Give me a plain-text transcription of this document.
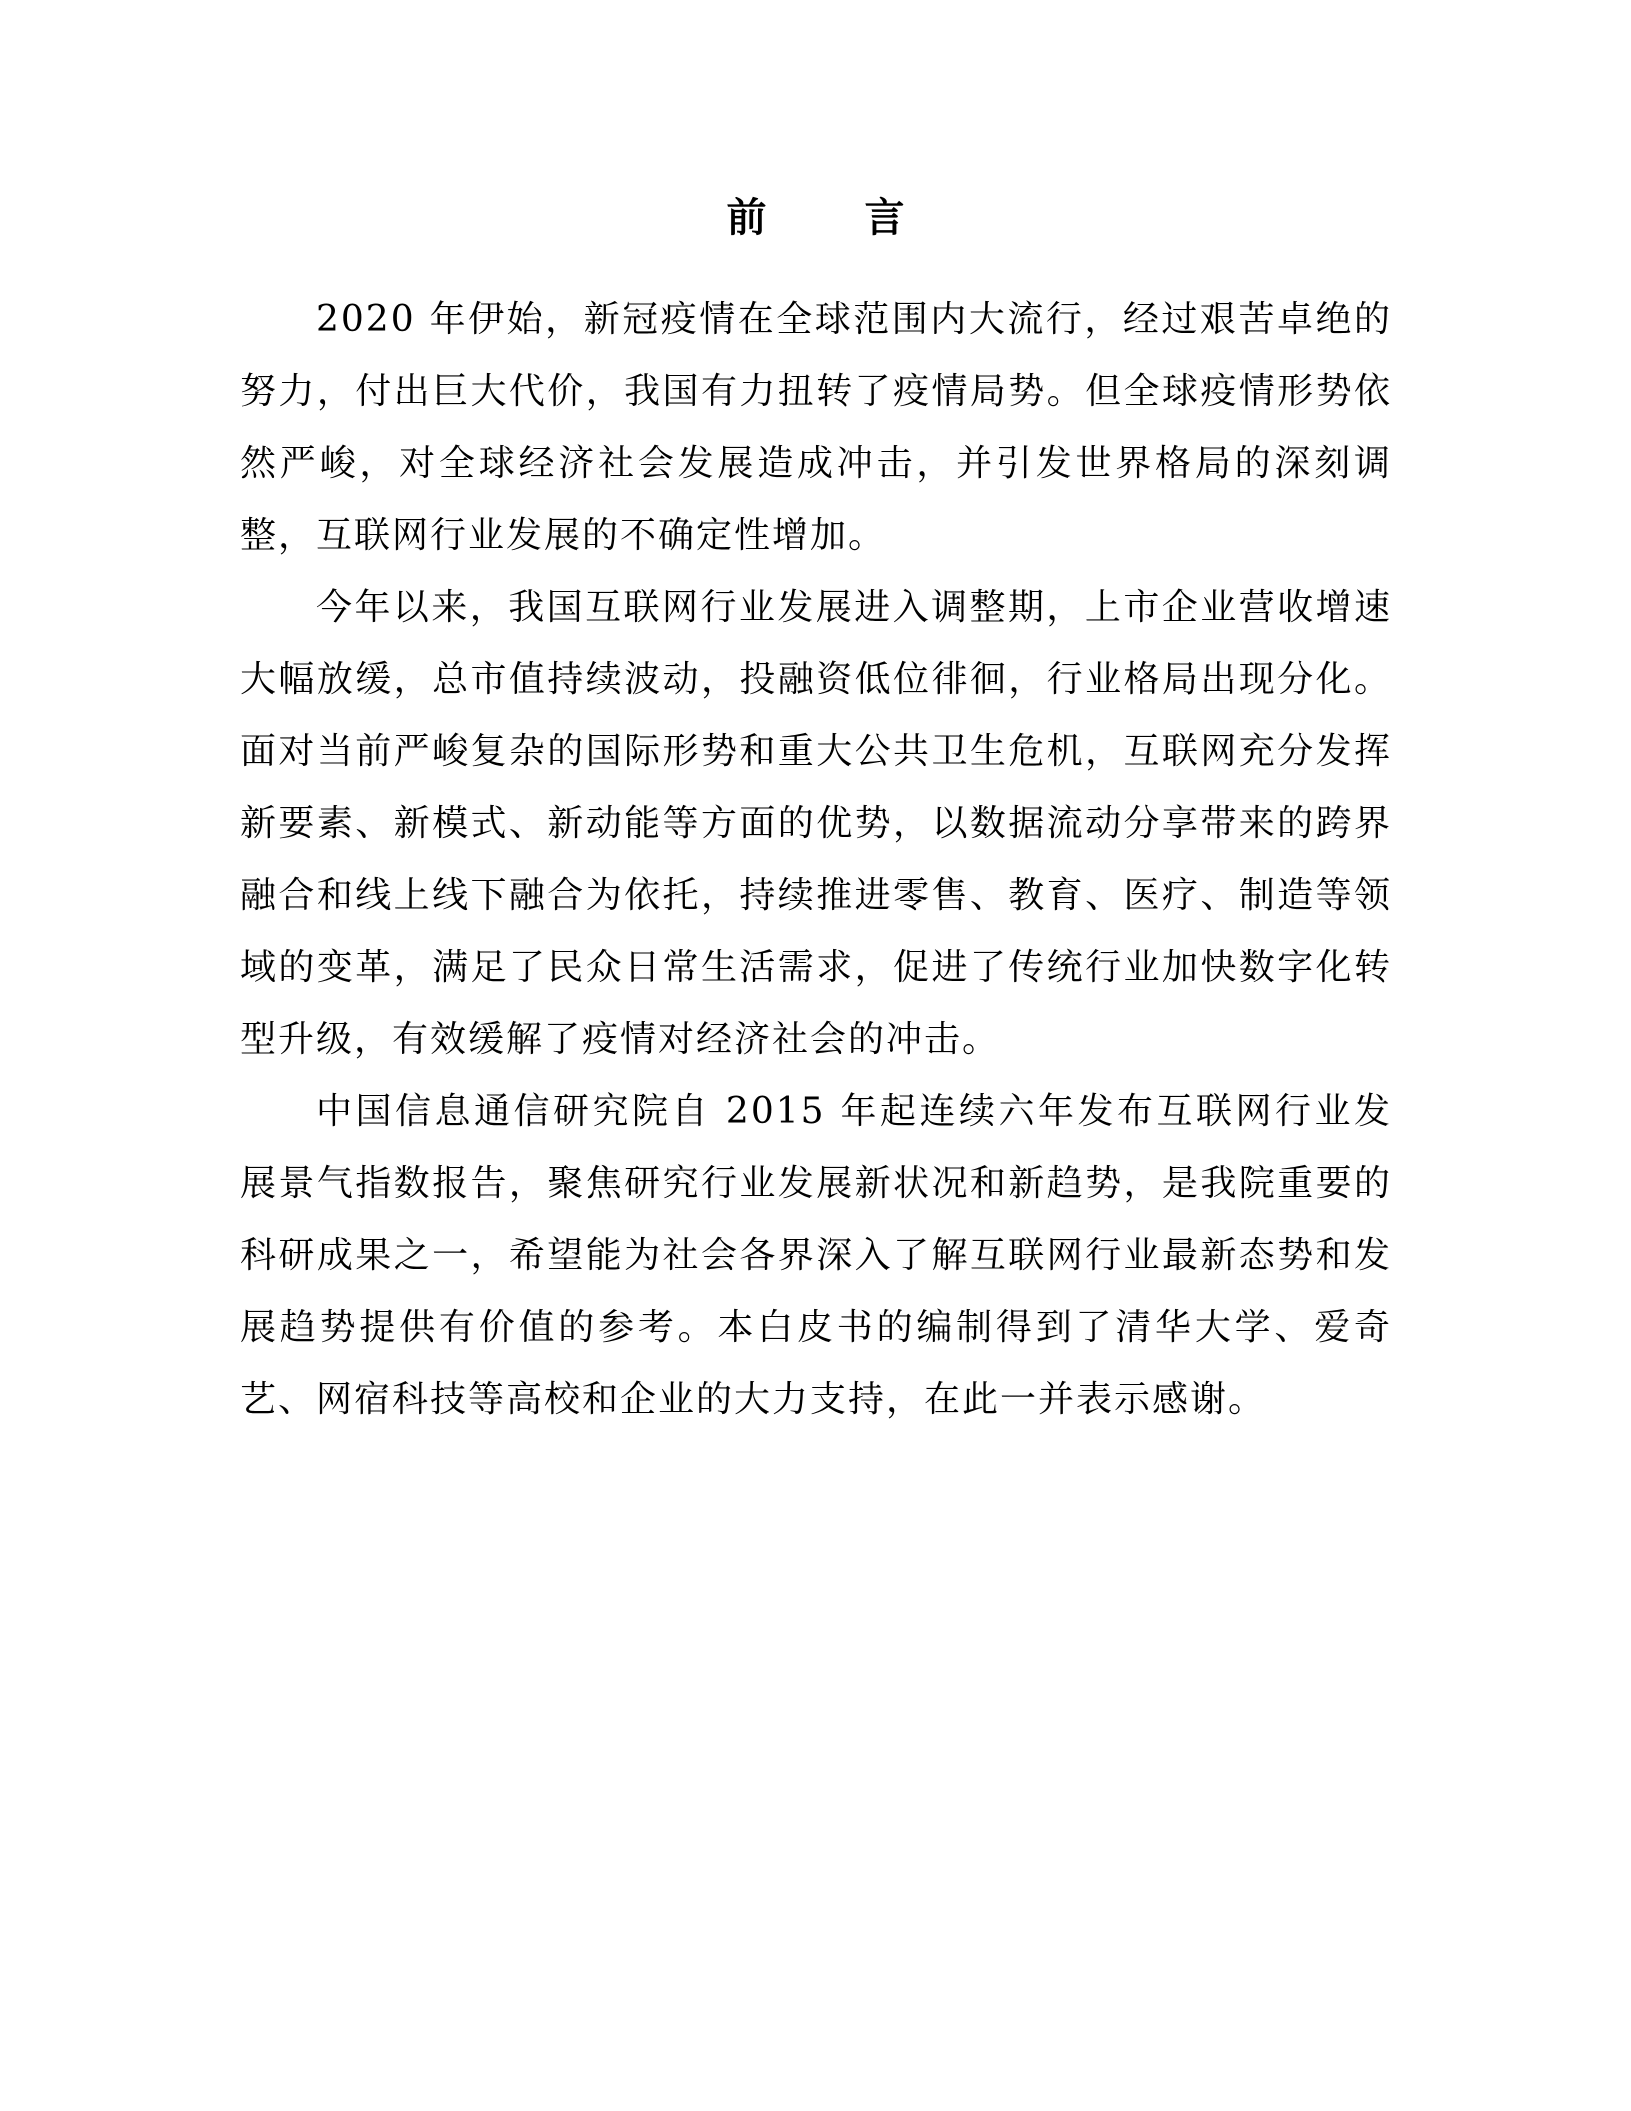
前 言

2020 年伊始，新冠疫情在全球范围内大流行，经过艰苦卓绝的努力，付出巨大代价，我国有力扭转了疫情局势。但全球疫情形势依然严峻，对全球经济社会发展造成冲击，并引发世界格局的深刻调整，互联网行业发展的不确定性增加。

今年以来，我国互联网行业发展进入调整期，上市企业营收增速大幅放缓，总市值持续波动，投融资低位徘徊，行业格局出现分化。面对当前严峻复杂的国际形势和重大公共卫生危机，互联网充分发挥新要素、新模式、新动能等方面的优势，以数据流动分享带来的跨界融合和线上线下融合为依托，持续推进零售、教育、医疗、制造等领域的变革，满足了民众日常生活需求，促进了传统行业加快数字化转型升级，有效缓解了疫情对经济社会的冲击。

中国信息通信研究院自 2015 年起连续六年发布互联网行业发展景气指数报告，聚焦研究行业发展新状况和新趋势，是我院重要的科研成果之一，希望能为社会各界深入了解互联网行业最新态势和发展趋势提供有价值的参考。本白皮书的编制得到了清华大学、爱奇艺、网宿科技等高校和企业的大力支持，在此一并表示感谢。
